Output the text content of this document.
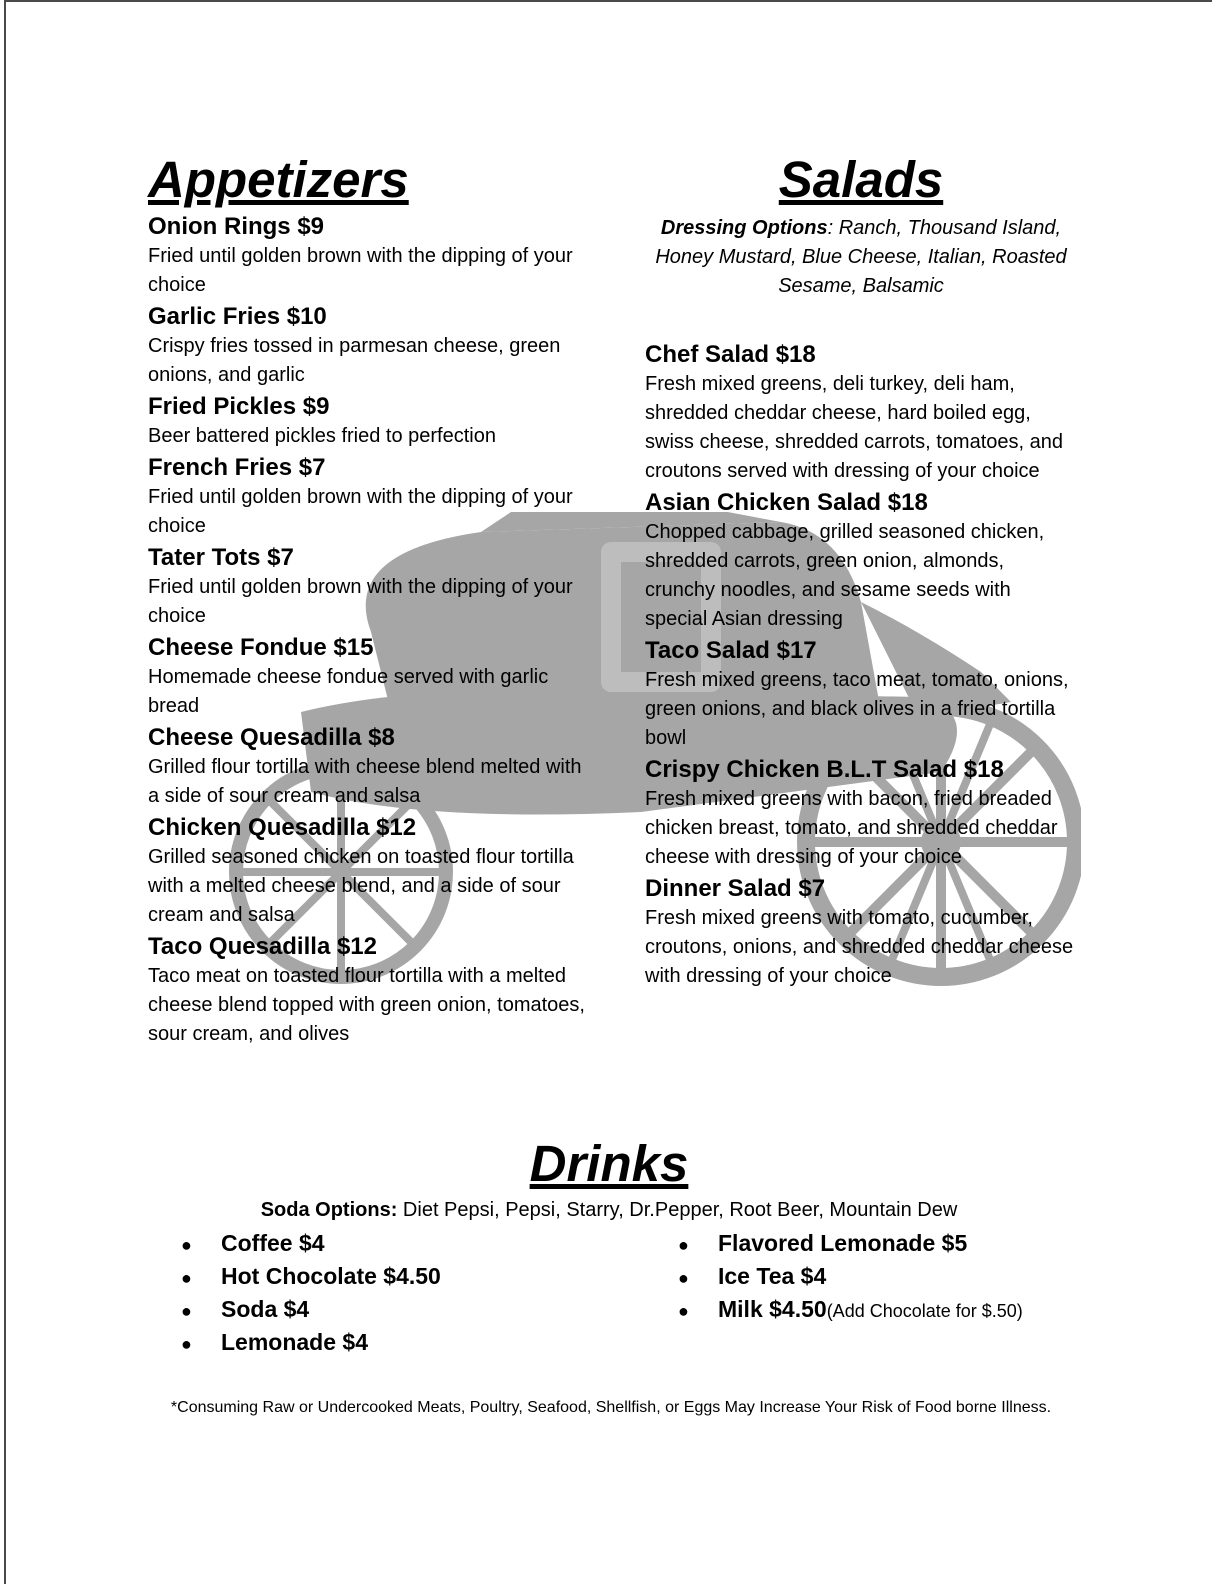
Appetizers
Onion Rings $9
Fried until golden brown with the dipping of your choice
Garlic Fries $10
Crispy fries tossed in parmesan cheese, green onions, and garlic
Fried Pickles $9
Beer battered pickles fried to perfection
French Fries $7
Fried until golden brown with the dipping of your choice
Tater Tots $7
Fried until golden brown with the dipping of your choice
Cheese Fondue $15
Homemade cheese fondue served with garlic bread
Cheese Quesadilla $8
Grilled flour tortilla with cheese blend melted with a side of sour cream and salsa
Chicken Quesadilla $12
Grilled seasoned chicken on toasted flour tortilla with a melted cheese blend, and a side of sour cream and salsa
Taco Quesadilla $12
Taco meat on toasted flour tortilla with a melted cheese blend topped with green onion, tomatoes, sour cream, and olives
Salads
Dressing Options: Ranch, Thousand Island, Honey Mustard, Blue Cheese, Italian, Roasted Sesame, Balsamic
Chef Salad $18
Fresh mixed greens, deli turkey, deli ham, shredded cheddar cheese, hard boiled egg, swiss cheese, shredded carrots, tomatoes, and croutons served with dressing of your choice
Asian Chicken Salad $18
Chopped cabbage, grilled seasoned chicken, shredded carrots, green onion, almonds, crunchy noodles, and sesame seeds with special Asian dressing
Taco Salad $17
Fresh mixed greens, taco meat, tomato, onions, green onions, and black olives in a fried tortilla bowl
Crispy Chicken B.L.T Salad $18
Fresh mixed greens with bacon, fried breaded chicken breast, tomato, and shredded cheddar cheese with dressing of your choice
Dinner Salad $7
Fresh mixed greens with tomato, cucumber, croutons, onions, and shredded cheddar cheese with dressing of your choice
Drinks
Soda Options: Diet Pepsi, Pepsi, Starry, Dr.Pepper, Root Beer, Mountain Dew
● Coffee $4
● Hot Chocolate $4.50
● Soda $4
● Lemonade $4
● Flavored Lemonade $5
● Ice Tea $4
● Milk $4.50(Add Chocolate for $.50)
*Consuming Raw or Undercooked Meats, Poultry, Seafood, Shellfish, or Eggs May Increase Your Risk of Food borne Illness.
